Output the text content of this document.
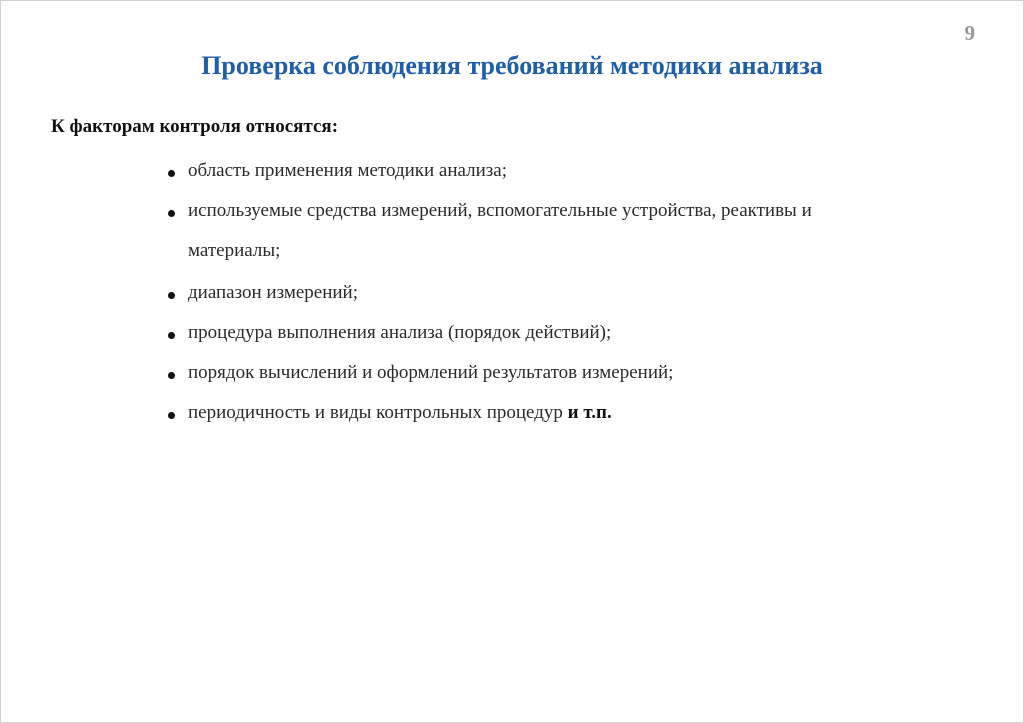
9
Проверка соблюдения требований методики анализа
К факторам контроля относятся:
область применения методики анализа;
используемые средства измерений, вспомогательные устройства, реактивы и материалы;
диапазон измерений;
процедура выполнения анализа (порядок действий);
порядок вычислений и оформлений результатов измерений;
периодичность и виды контрольных процедур и т.п.
